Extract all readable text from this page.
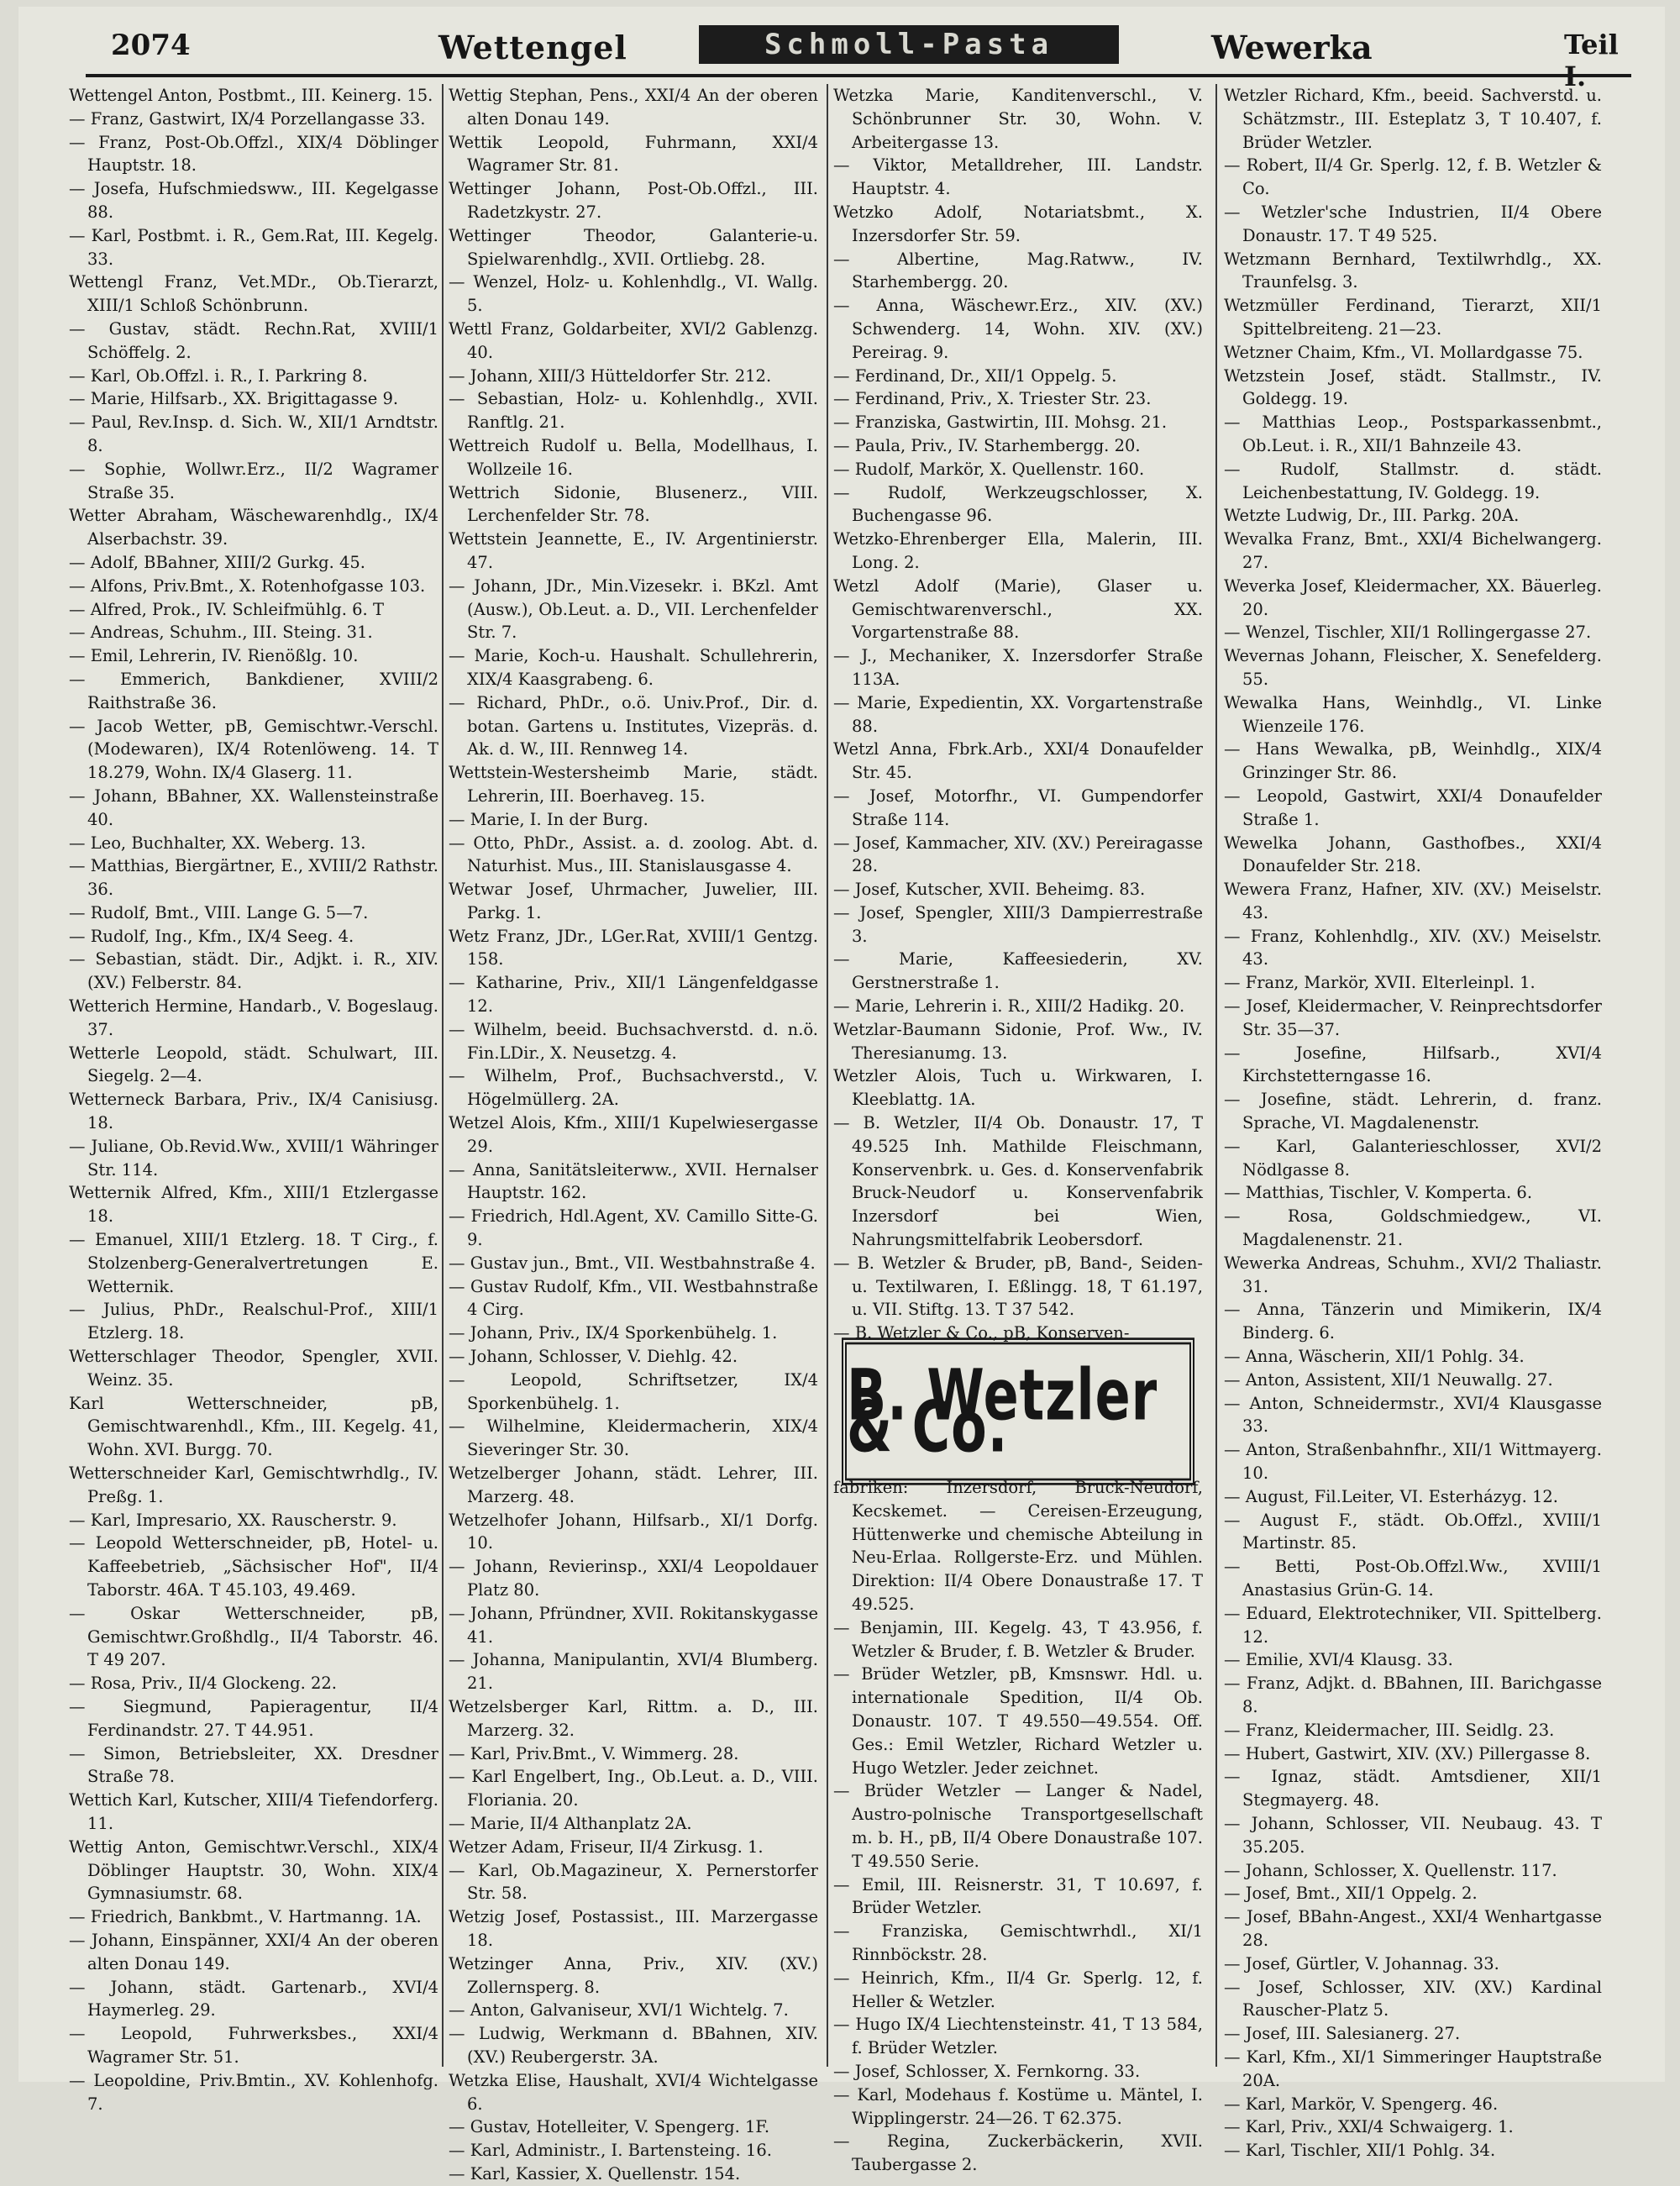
2074	Wettengel	Schmoll-Pasta	Wewerka	Teil

Wettengel Anton, Postbmt., III. Keinerg. 15.

— Franz, Gastwirt, IX/4 Porzellangasse 33.

— Franz, Post-Ob.Offzl., XIX/4 Döblinger Hauptstr. 18.

— Josefa, Hufschmiedsww., III. Kegelgasse 88.

— Karl, Postbmt. i. R., Gem.Rat, III. Kegelg. 33.

Wettengl Franz, Vet.MDr., Ob.Tierarzt, XIII/1 Schloß Schönbrunn.

— Gustav, städt. Rechn.Rat, XVIII/1 Schöffelg. 2.

— Karl, Ob.Offzl. i. R., I. Parkring 8.

— Marie, Hilfsarb., XX. Brigittagasse 9.

— Paul, Rev.Insp. d. Sich. W., XII/1 Arndtstr. 8.

— Sophie, Wollwr.Erz., II/2 Wagramer Straße 35.

Wetter Abraham, Wäschewarenhdlg., IX/4 Alserbachstr. 39.

— Adolf, BBahner, XIII/2 Gurkg. 45.

— Alfons, Priv.Bmt., X. Rotenhofgasse 103.

— Alfred, Prok., IV. Schleifmühlg. 6. T

— Andreas, Schuhm., III. Steing. 31.

— Emil, Lehrerin, IV. Rienößlg. 10.

— Emmerich, Bankdiener, XVIII/2 Raithstraße 36.

— Jacob Wetter, pB, Gemischtwr.-Verschl. (Modewaren), IX/4 Rotenlöweng. 14. T 18.279, Wohn. IX/4 Glaserg. 11.

— Johann, BBahner, XX. Wallensteinstraße 40.

— Leo, Buchhalter, XX. Weberg. 13.

— Matthias, Biergärtner, E., XVIII/2 Rathstr. 36.

— Rudolf, Bmt., VIII. Lange G. 5—7.

— Rudolf, Ing., Kfm., IX/4 Seeg. 4.

— Sebastian, städt. Dir., Adjkt. i. R., XIV. (XV.) Felberstr. 84.

Wetterich Hermine, Handarb., V. Bogeslaug. 37.

Wetterle Leopold, städt. Schulwart, III. Siegelg. 2—4.

Wetterneck Barbara, Priv., IX/4 Canisiusg. 18.

— Juliane, Ob.Revid.Ww., XVIII/1 Währinger Str. 114.

Wetternik Alfred, Kfm., XIII/1 Etzlergasse 18.

— Emanuel, XIII/1 Etzlerg. 18. T Cirg., f. Stolzenberg-Generalvertretungen E. Wetternik.

— Julius, PhDr., Realschul-Prof., XIII/1 Etzlerg. 18.

Wetterschlager Theodor, Spengler, XVII. Weinz. 35.

Karl Wetterschneider, pB, Gemischtwarenhdl., Kfm., III. Kegelg. 41, Wohn. XVI. Burgg. 70.

Wetterschneider Karl, Gemischtwrhdlg., IV. Preßg. 1.

— Karl, Impresario, XX. Rauscherstr. 9.

— Leopold Wetterschneider, pB, Hotel- u. Kaffeebetrieb, „Sächsischer Hof", II/4 Taborstr. 46A. T 45.103, 49.469.

— Oskar Wetterschneider, pB, Gemischtwr.Großhdlg., II/4 Taborstr. 46. T 49 207.

— Rosa, Priv., II/4 Glockeng. 22.

— Siegmund, Papieragentur, II/4 Ferdinandstr. 27. T 44.951.

— Simon, Betriebsleiter, XX. Dresdner Straße 78.

Wettich Karl, Kutscher, XIII/4 Tiefendorferg. 11.

Wettig Anton, Gemischtwr.Verschl., XIX/4 Döblinger Hauptstr. 30, Wohn. XIX/4 Gymnasiumstr. 68.

— Friedrich, Bankbmt., V. Hartmanng. 1A.

— Johann, Einspänner, XXI/4 An der oberen alten Donau 149.

— Johann, städt. Gartenarb., XVI/4 Haymerleg. 29.

— Leopold, Fuhrwerksbes., XXI/4 Wagramer Str. 51.

— Leopoldine, Priv.Bmtin., XV. Kohlenhofg. 7.

Wettig Stephan, Pens., XXI/4 An der oberen alten Donau 149.

Wettik Leopold, Fuhrmann, XXI/4 Wagramer Str. 81.

Wettinger Johann, Post-Ob.Offzl., III. Radetzkystr. 27.

Wettinger Theodor, Galanterie-u. Spielwarenhdlg., XVII. Ortliebg. 28.

— Wenzel, Holz- u. Kohlenhdlg., VI. Wallg. 5.

Wettl Franz, Goldarbeiter, XVI/2 Gablenzg. 40.

— Johann, XIII/3 Hütteldorfer Str. 212.

— Sebastian, Holz- u. Kohlenhdlg., XVII. Ranftlg. 21.

Wettreich Rudolf u. Bella, Modellhaus, I. Wollzeile 16.

Wettrich Sidonie, Blusenerz., VIII. Lerchenfelder Str. 78.

Wettstein Jeannette, E., IV. Argentinierstr. 47.

— Johann, JDr., Min.Vizesekr. i. BKzl. Amt (Ausw.), Ob.Leut. a. D., VII. Lerchenfelder Str. 7.

— Marie, Koch-u. Haushalt. Schullehrerin, XIX/4 Kaasgrabeng. 6.

— Richard, PhDr., o.ö. Univ.Prof., Dir. d. botan. Gartens u. Institutes, Vizepräs. d. Ak. d. W., III. Rennweg 14.

Wettstein-Westersheimb Marie, städt. Lehrerin, III. Boerhaveg. 15.

— Marie, I. In der Burg.

— Otto, PhDr., Assist. a. d. zoolog. Abt. d. Naturhist. Mus., III. Stanislausgasse 4.

Wetwar Josef, Uhrmacher, Juwelier, III. Parkg. 1.

Wetz Franz, JDr., LGer.Rat, XVIII/1 Gentzg. 158.

— Katharine, Priv., XII/1 Längenfeldgasse 12.

— Wilhelm, beeid. Buchsachverstd. d. n.ö. Fin.LDir., X. Neusetzg. 4.

— Wilhelm, Prof., Buchsachverstd., V. Högelmüllerg. 2A.

Wetzel Alois, Kfm., XIII/1 Kupelwiesergasse 29.

— Anna, Sanitätsleiterww., XVII. Hernalser Hauptstr. 162.

— Friedrich, Hdl.Agent, XV. Camillo Sitte-G. 9.

— Gustav jun., Bmt., VII. Westbahnstraße 4.

— Gustav Rudolf, Kfm., VII. Westbahnstraße 4 Cirg.

— Johann, Priv., IX/4 Sporkenbühelg. 1.

— Johann, Schlosser, V. Diehlg. 42.

— Leopold, Schriftsetzer, IX/4 Sporkenbühelg. 1.

— Wilhelmine, Kleidermacherin, XIX/4 Sieveringer Str. 30.

Wetzelberger Johann, städt. Lehrer, III. Marzerg. 48.

Wetzelhofer Johann, Hilfsarb., XI/1 Dorfg. 10.

— Johann, Revierinsp., XXI/4 Leopoldauer Platz 80.

— Johann, Pfründner, XVII. Rokitanskygasse 41.

— Johanna, Manipulantin, XVI/4 Blumberg. 21.

Wetzelsberger Karl, Rittm. a. D., III. Marzerg. 32.

— Karl, Priv.Bmt., V. Wimmerg. 28.

— Karl Engelbert, Ing., Ob.Leut. a. D., VIII. Floriania. 20.

— Marie, II/4 Althanplatz 2A.

Wetzer Adam, Friseur, II/4 Zirkusg. 1.

— Karl, Ob.Magazineur, X. Pernerstorfer Str. 58.

Wetzig Josef, Postassist., III. Marzergasse 18.

Wetzinger Anna, Priv., XIV. (XV.) Zollernsperg. 8.

— Anton, Galvaniseur, XVI/1 Wichtelg. 7.

— Ludwig, Werkmann d. BBahnen, XIV. (XV.) Reubergerstr. 3A.

Wetzka Elise, Haushalt, XVI/4 Wichtelgasse 6.

— Gustav, Hotelleiter, V. Spengerg. 1F.

— Karl, Administr., I. Bartensteing. 16.

— Karl, Kassier, X. Quellenstr. 154.

Wetzka Marie, Kanditenverschl., V. Schönbrunner Str. 30, Wohn. V. Arbeitergasse 13.

— Viktor, Metalldreher, III. Landstr. Hauptstr. 4.

Wetzko Adolf, Notariatsbmt., X. Inzersdorfer Str. 59.

— Albertine, Mag.Ratww., IV. Starhembergg. 20.

— Anna, Wäschewr.Erz., XIV. (XV.) Schwenderg. 14, Wohn. XIV. (XV.) Pereirag. 9.

— Ferdinand, Dr., XII/1 Oppelg. 5.

— Ferdinand, Priv., X. Triester Str. 23.

— Franziska, Gastwirtin, III. Mohsg. 21.

— Paula, Priv., IV. Starhembergg. 20.

— Rudolf, Markör, X. Quellenstr. 160.

— Rudolf, Werkzeugschlosser, X. Buchengasse 96.

Wetzko-Ehrenberger Ella, Malerin, III. Long. 2.

Wetzl Adolf (Marie), Glaser u. Gemischtwarenverschl., XX. Vorgartenstraße 88.

— J., Mechaniker, X. Inzersdorfer Straße 113A.

— Marie, Expedientin, XX. Vorgartenstraße 88.

Wetzl Anna, Fbrk.Arb., XXI/4 Donaufelder Str. 45.

— Josef, Motorfhr., VI. Gumpendorfer Straße 114.

— Josef, Kammacher, XIV. (XV.) Pereiragasse 28.

— Josef, Kutscher, XVII. Beheimg. 83.

— Josef, Spengler, XIII/3 Dampierrestraße 3.

— Marie, Kaffeesiederin, XV. Gerstnerstraße 1.

— Marie, Lehrerin i. R., XIII/2 Hadikg. 20.

Wetzlar-Baumann Sidonie, Prof. Ww., IV. Theresianumg. 13.

Wetzler Alois, Tuch u. Wirkwaren, I. Kleeblattg. 1A.

— B. Wetzler, II/4 Ob. Donaustr. 17, T 49.525 Inh. Mathilde Fleischmann, Konservenbrk. u. Ges. d. Konservenfabrik Bruck-Neudorf u. Konservenfabrik Inzersdorf bei Wien, Nahrungsmittelfabrik Leobersdorf.

— B. Wetzler & Bruder, pB, Band-, Seiden- u. Textilwaren, I. Eßlingg. 18, T 61.197, u. VII. Stiftg. 13. T 37 542.

— B. Wetzler & Co., pB, Konserven-

B. Wetzler & Co.

fabriken: Inzersdorf, Bruck-Neudorf, Kecskemet. — Cereisen-Erzeugung, Hüttenwerke und chemische Abteilung in Neu-Erlaa. Rollgerste-Erz. und Mühlen. Direktion: II/4 Obere Donaustraße 17. T 49.525.

— Benjamin, III. Kegelg. 43, T 43.956, f. Wetzler & Bruder, f. B. Wetzler & Bruder.

— Brüder Wetzler, pB, Kmsnswr. Hdl. u. internationale Spedition, II/4 Ob. Donaustr. 107. T 49.550—49.554. Off. Ges.: Emil Wetzler, Richard Wetzler u. Hugo Wetzler. Jeder zeichnet.

— Brüder Wetzler — Langer & Nadel, Austro-polnische Transportgesellschaft m. b. H., pB, II/4 Obere Donaustraße 107. T 49.550 Serie.

— Emil, III. Reisnerstr. 31, T 10.697, f. Brüder Wetzler.

— Franziska, Gemischtwrhdl., XI/1 Rinnböckstr. 28.

— Heinrich, Kfm., II/4 Gr. Sperlg. 12, f. Heller & Wetzler.

— Hugo IX/4 Liechtensteinstr. 41, T 13 584, f. Brüder Wetzler.

— Josef, Schlosser, X. Fernkorng. 33.

— Karl, Modehaus f. Kostüme u. Mäntel, I. Wipplingerstr. 24—26. T 62.375.

— Regina, Zuckerbäckerin, XVII. Taubergasse 2.

Wetzler Richard, Kfm., beeid. Sachverstd. u. Schätzmstr., III. Esteplatz 3, T 10.407, f. Brüder Wetzler.

— Robert, II/4 Gr. Sperlg. 12, f. B. Wetzler & Co.

— Wetzler'sche Industrien, II/4 Obere Donaustr. 17. T 49 525.

Wetzmann Bernhard, Textilwrhdlg., XX. Traunfelsg. 3.

Wetzmüller Ferdinand, Tierarzt, XII/1 Spittelbreiteng. 21—23.

Wetzner Chaim, Kfm., VI. Mollardgasse 75.

Wetzstein Josef, städt. Stallmstr., IV. Goldegg. 19.

— Matthias Leop., Postsparkassenbmt., Ob.Leut. i. R., XII/1 Bahnzeile 43.

— Rudolf, Stallmstr. d. städt. Leichenbestattung, IV. Goldegg. 19.

Wetzte Ludwig, Dr., III. Parkg. 20A.

Wevalka Franz, Bmt., XXI/4 Bichelwangerg. 27.

Weverka Josef, Kleidermacher, XX. Bäuerleg. 20.

— Wenzel, Tischler, XII/1 Rollingergasse 27.

Wevernas Johann, Fleischer, X. Senefelderg. 55.

Wewalka Hans, Weinhdlg., VI. Linke Wienzeile 176.

— Hans Wewalka, pB, Weinhdlg., XIX/4 Grinzinger Str. 86.

— Leopold, Gastwirt, XXI/4 Donaufelder Straße 1.

Wewelka Johann, Gasthofbes., XXI/4 Donaufelder Str. 218.

Wewera Franz, Hafner, XIV. (XV.) Meiselstr. 43.

— Franz, Kohlenhdlg., XIV. (XV.) Meiselstr. 43.

— Franz, Markör, XVII. Elterleinpl. 1.

— Josef, Kleidermacher, V. Reinprechtsdorfer Str. 35—37.

— Josefine, Hilfsarb., XVI/4 Kirchstetterngasse 16.

— Josefine, städt. Lehrerin, d. franz. Sprache, VI. Magdalenenstr.

— Karl, Galanterieschlosser, XVI/2 Nödlgasse 8.

— Matthias, Tischler, V. Komperta. 6.

— Rosa, Goldschmiedgew., VI. Magdalenenstr. 21.

Wewerka Andreas, Schuhm., XVI/2 Thaliastr. 31.

— Anna, Tänzerin und Mimikerin, IX/4 Binderg. 6.

— Anna, Wäscherin, XII/1 Pohlg. 34.

— Anton, Assistent, XII/1 Neuwallg. 27.

— Anton, Schneidermstr., XVI/4 Klausgasse 33.

— Anton, Straßenbahnfhr., XII/1 Wittmayerg. 10.

— August, Fil.Leiter, VI. Esterházyg. 12.

— August F., städt. Ob.Offzl., XVIII/1 Martinstr. 85.

— Betti, Post-Ob.Offzl.Ww., XVIII/1 Anastasius Grün-G. 14.

— Eduard, Elektrotechniker, VII. Spittelberg. 12.

— Emilie, XVI/4 Klausg. 33.

— Franz, Adjkt. d. BBahnen, III. Barichgasse 8.

— Franz, Kleidermacher, III. Seidlg. 23.

— Hubert, Gastwirt, XIV. (XV.) Pillergasse 8.

— Ignaz, städt. Amtsdiener, XII/1 Stegmayerg. 48.

— Johann, Schlosser, VII. Neubaug. 43. T 35.205.

— Johann, Schlosser, X. Quellenstr. 117.

— Josef, Bmt., XII/1 Oppelg. 2.

— Josef, BBahn-Angest., XXI/4 Wenhartgasse 28.

— Josef, Gürtler, V. Johannag. 33.

— Josef, Schlosser, XIV. (XV.) Kardinal Rauscher-Platz 5.

— Josef, III. Salesianerg. 27.

— Karl, Kfm., XI/1 Simmeringer Hauptstraße 20A.

— Karl, Markör, V. Spengerg. 46.

— Karl, Priv., XXI/4 Schwaigerg. 1.

— Karl, Tischler, XII/1 Pohlg. 34.
